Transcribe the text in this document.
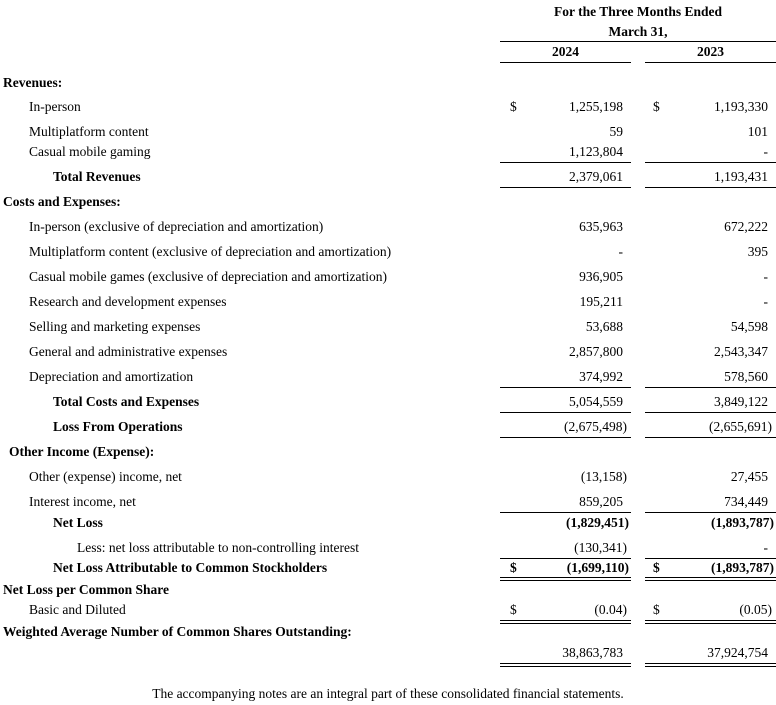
For the Three Months Ended
March 31,
2024	2023
Revenues:
In-person	$	1,255,198 $	1,193,330
Multiplatform content	59	101
Casual mobile gaming	1,123,804	-
Total Revenues	2,379,061	1,193,431
Costs and Expenses:
In-person (exclusive of depreciation and amortization)	635,963	672,222
Multiplatform content (exclusive of depreciation and amortization)	-	395
Casual mobile games (exclusive of depreciation and amortization)	936,905	-
Research and development expenses	195,211	-
Selling and marketing expenses	53,688	54,598
General and administrative expenses	2,857,800	2,543,347
Depreciation and amortization	374,992	578,560
Total Costs and Expenses	5,054,559	3,849,122
Loss From Operations	(2,675,498)	(2,655,691)
Other Income (Expense):
Other (expense) income, net	(13,158)	27,455
Interest income, net	859,205	734,449
Net Loss	(1,829,451)	(1,893,787)
Less: net loss attributable to non-controlling interest	(130,341)	-
Net Loss Attributable to Common Stockholders	$	(1,699,110) $	(1,893,787)
Net Loss per Common Share
Basic and Diluted	$	(0.04) $	(0.05)
Weighted Average Number of Common Shares Outstanding:
38,863,783	37,924,754
The accompanying notes are an integral part of these consolidated financial statements.
